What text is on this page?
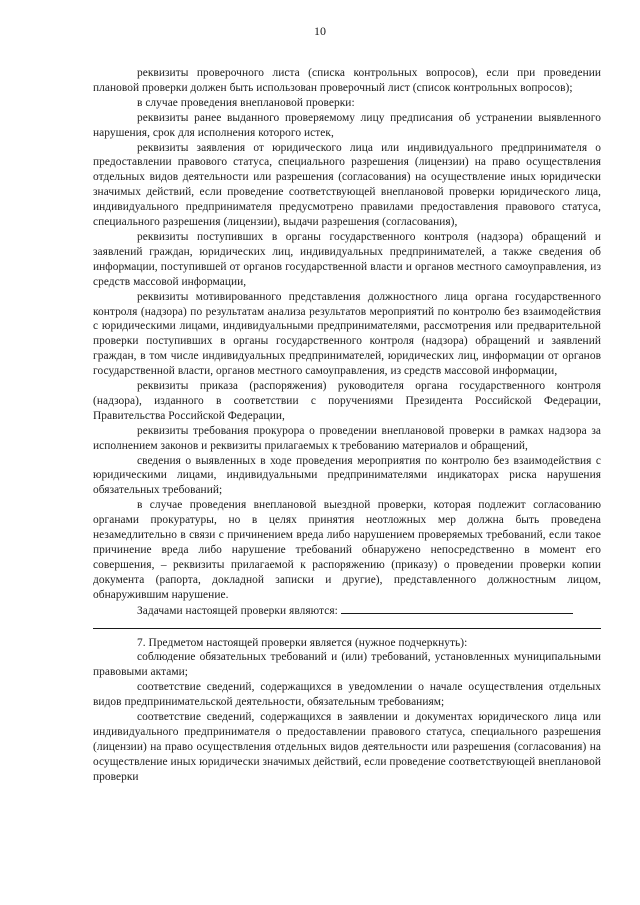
10

реквизиты проверочного листа (списка контрольных вопросов), если при проведении плановой проверки должен быть использован проверочный лист (список контрольных вопросов);

в случае проведения внеплановой проверки:

реквизиты ранее выданного проверяемому лицу предписания об устранении выявленного нарушения, срок для исполнения которого истек,

реквизиты заявления от юридического лица или индивидуального предпринимателя о предоставлении правового статуса, специального разрешения (лицензии) на право осуществления отдельных видов деятельности или разрешения (согласования) на осуществление иных юридически значимых действий, если проведение соответствующей внеплановой проверки юридического лица, индивидуального предпринимателя предусмотрено правилами предоставления правового статуса, специального разрешения (лицензии), выдачи разрешения (согласования),

реквизиты поступивших в органы государственного контроля (надзора) обращений и заявлений граждан, юридических лиц, индивидуальных предпринимателей, а также сведения об информации, поступившей от органов государственной власти и органов местного самоуправления, из средств массовой информации,

реквизиты мотивированного представления должностного лица органа государственного контроля (надзора) по результатам анализа результатов мероприятий по контролю без взаимодействия с юридическими лицами, индивидуальными предпринимателями, рассмотрения или предварительной проверки поступивших в органы государственного контроля (надзора) обращений и заявлений граждан, в том числе индивидуальных предпринимателей, юридических лиц, информации от органов государственной власти, органов местного самоуправления, из средств массовой информации,

реквизиты приказа (распоряжения) руководителя органа государственного контроля (надзора), изданного в соответствии с поручениями Президента Российской Федерации, Правительства Российской Федерации,

реквизиты требования прокурора о проведении внеплановой проверки в рамках надзора за исполнением законов и реквизиты прилагаемых к требованию материалов и обращений,

сведения о выявленных в ходе проведения мероприятия по контролю без взаимодействия с юридическими лицами, индивидуальными предпринимателями индикаторах риска нарушения обязательных требований;

в случае проведения внеплановой выездной проверки, которая подлежит согласованию органами прокуратуры, но в целях принятия неотложных мер должна быть проведена незамедлительно в связи с причинением вреда либо нарушением проверяемых требований, если такое причинение вреда либо нарушение требований обнаружено непосредственно в момент его совершения, – реквизиты прилагаемой к распоряжению (приказу) о проведении проверки копии документа (рапорта, докладной записки и другие), представленного должностным лицом, обнаружившим нарушение.

Задачами настоящей проверки являются:

7. Предметом настоящей проверки является (нужное подчеркнуть):

соблюдение обязательных требований и (или) требований, установленных муниципальными правовыми актами;

соответствие сведений, содержащихся в уведомлении о начале осуществления отдельных видов предпринимательской деятельности, обязательным требованиям;

соответствие сведений, содержащихся в заявлении и документах юридического лица или индивидуального предпринимателя о предоставлении правового статуса, специального разрешения (лицензии) на право осуществления отдельных видов деятельности или разрешения (согласования) на осуществление иных юридически значимых действий, если проведение соответствующей внеплановой проверки
